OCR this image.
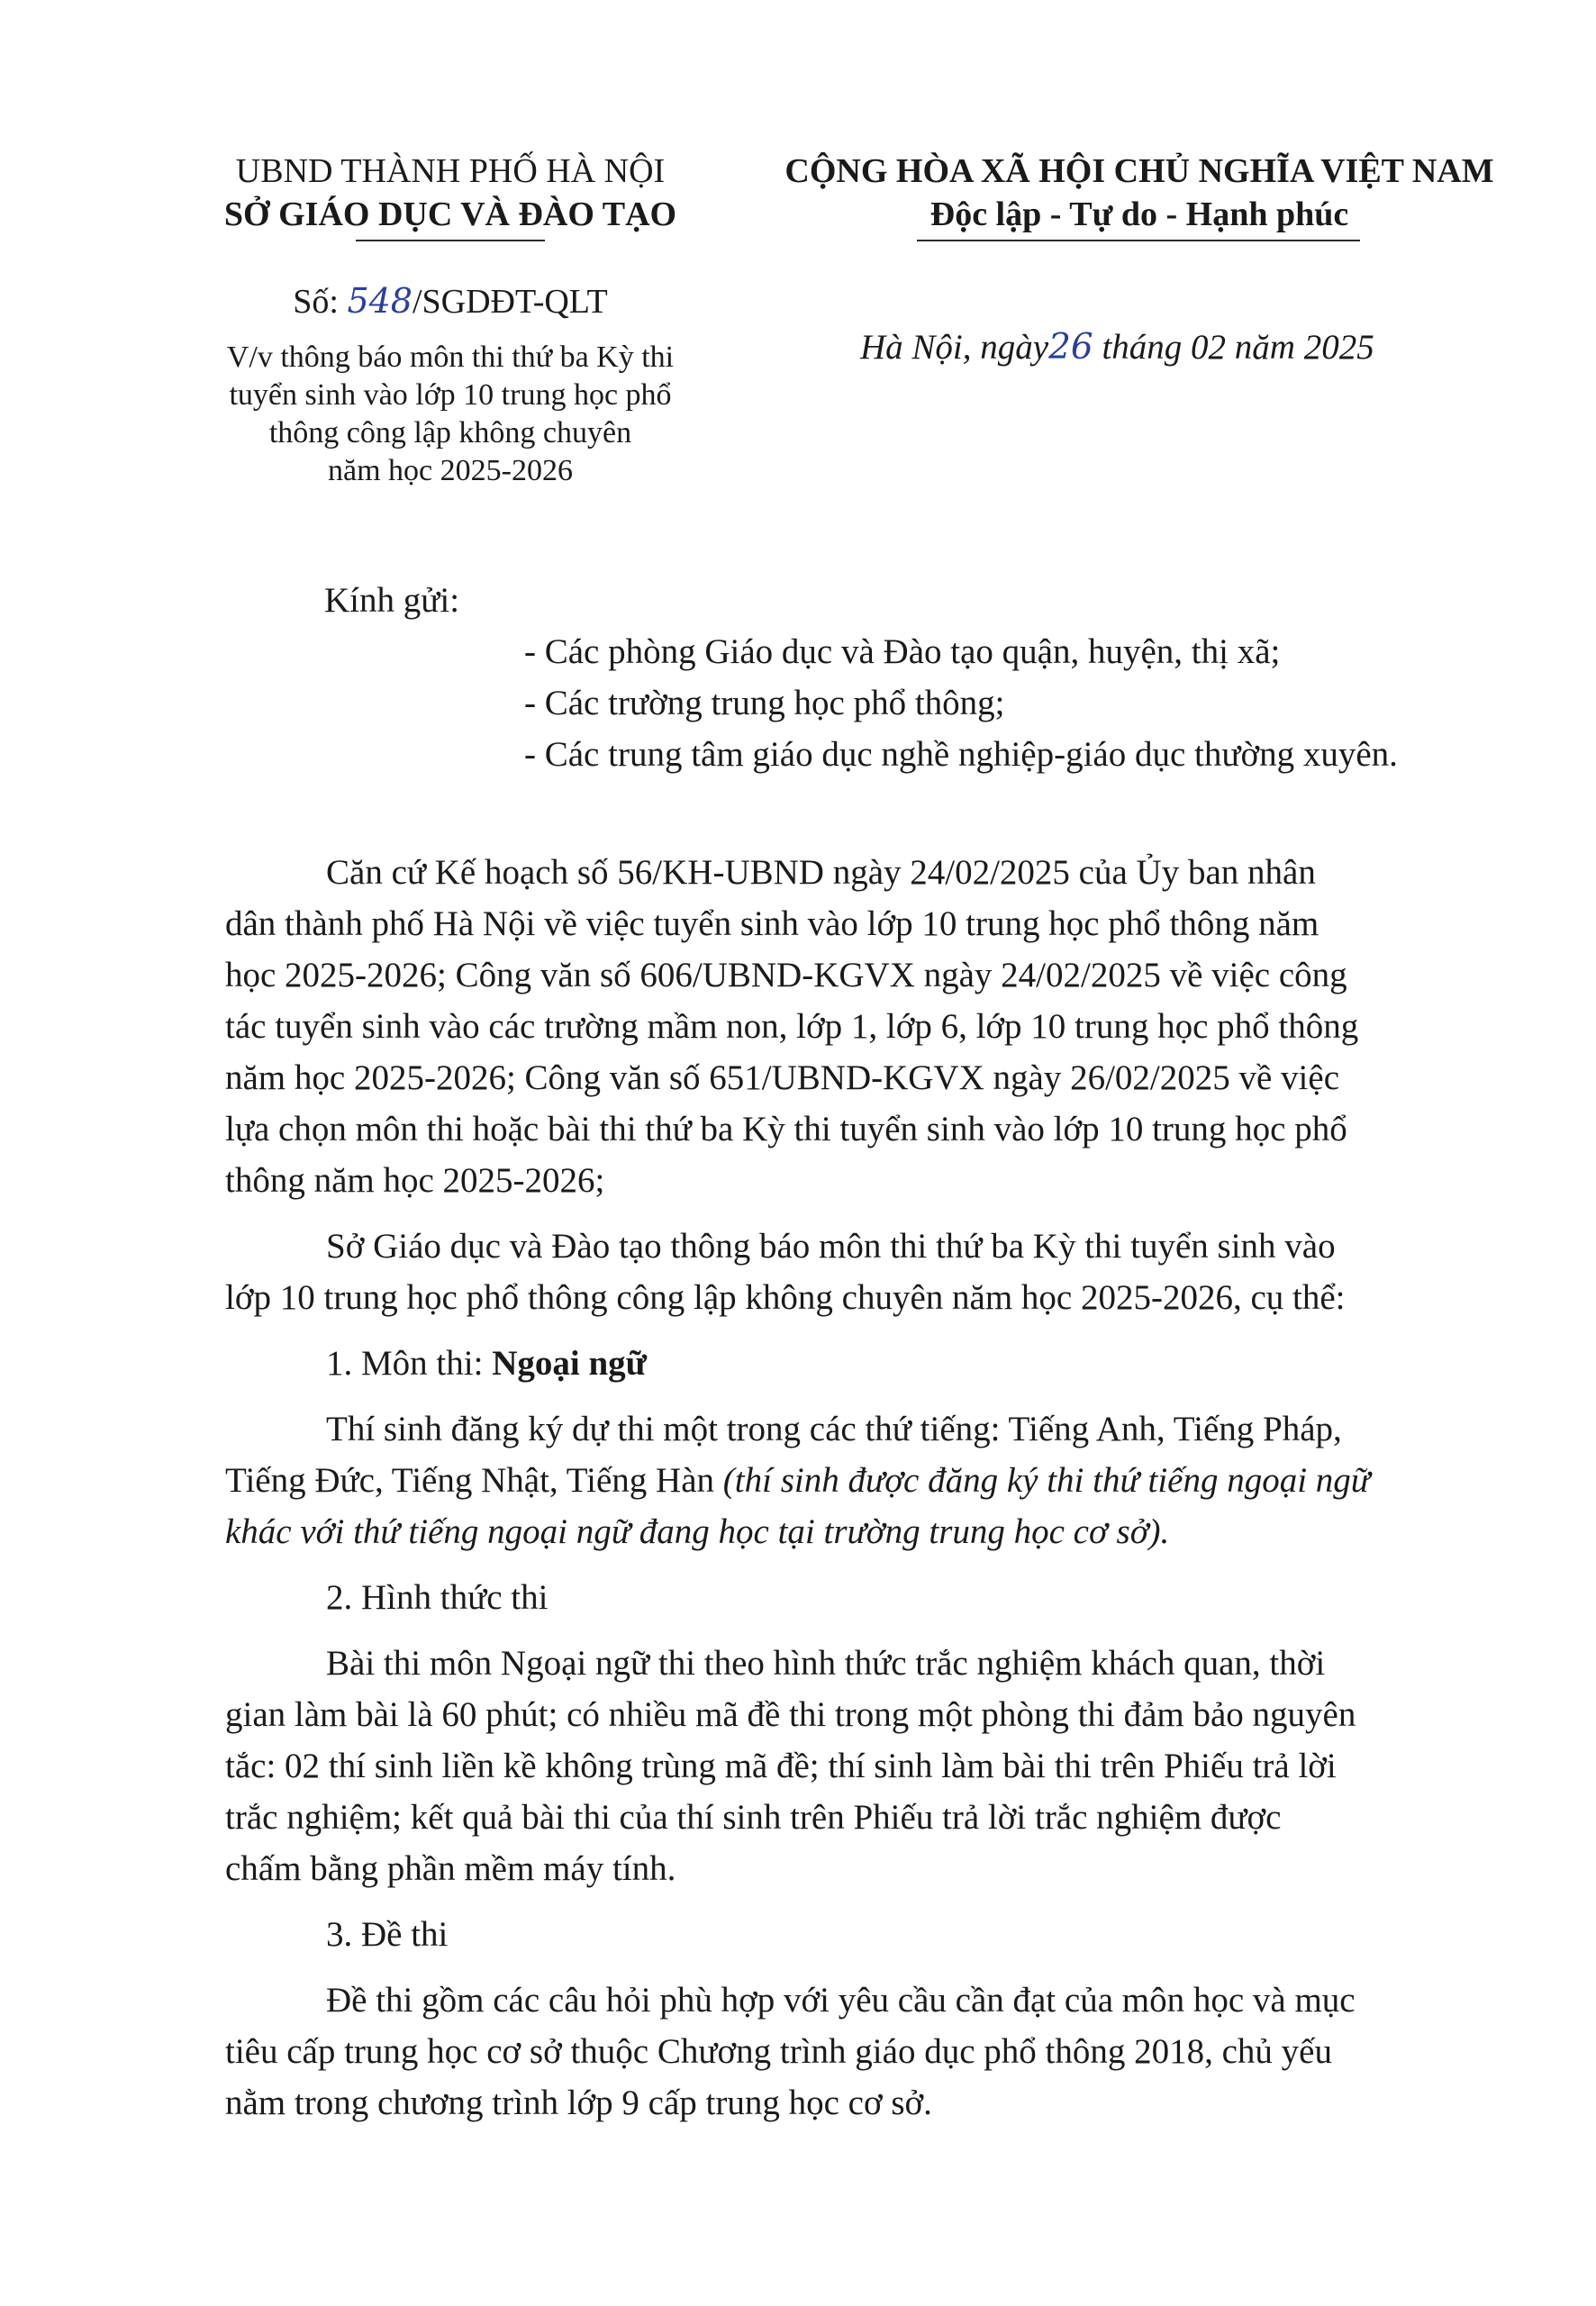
UBND THÀNH PHỐ HÀ NỘI
SỞ GIÁO DỤC VÀ ĐÀO TẠO
CỘNG HÒA XÃ HỘI CHỦ NGHĨA VIỆT NAM
Độc lập - Tự do - Hạnh phúc
Số: 548/SGDĐT-QLT
V/v thông báo môn thi thứ ba Kỳ thi
tuyển sinh vào lớp 10 trung học phổ
thông công lập không chuyên
năm học 2025-2026
Hà Nội, ngày26 tháng 02 năm 2025
Kính gửi:
- Các phòng Giáo dục và Đào tạo quận, huyện, thị xã;
- Các trường trung học phổ thông;
- Các trung tâm giáo dục nghề nghiệp-giáo dục thường xuyên.
Căn cứ Kế hoạch số 56/KH-UBND ngày 24/02/2025 của Ủy ban nhân
dân thành phố Hà Nội về việc tuyển sinh vào lớp 10 trung học phổ thông năm
học 2025-2026; Công văn số 606/UBND-KGVX ngày 24/02/2025 về việc công
tác tuyển sinh vào các trường mầm non, lớp 1, lớp 6, lớp 10 trung học phổ thông
năm học 2025-2026; Công văn số 651/UBND-KGVX ngày 26/02/2025 về việc
lựa chọn môn thi hoặc bài thi thứ ba Kỳ thi tuyển sinh vào lớp 10 trung học phổ
thông năm học 2025-2026;
Sở Giáo dục và Đào tạo thông báo môn thi thứ ba Kỳ thi tuyển sinh vào
lớp 10 trung học phổ thông công lập không chuyên năm học 2025-2026, cụ thể:
1. Môn thi: Ngoại ngữ
Thí sinh đăng ký dự thi một trong các thứ tiếng: Tiếng Anh, Tiếng Pháp,
Tiếng Đức, Tiếng Nhật, Tiếng Hàn (thí sinh được đăng ký thi thứ tiếng ngoại ngữ
khác với thứ tiếng ngoại ngữ đang học tại trường trung học cơ sở).
2. Hình thức thi
Bài thi môn Ngoại ngữ thi theo hình thức trắc nghiệm khách quan, thời
gian làm bài là 60 phút; có nhiều mã đề thi trong một phòng thi đảm bảo nguyên
tắc: 02 thí sinh liền kề không trùng mã đề; thí sinh làm bài thi trên Phiếu trả lời
trắc nghiệm; kết quả bài thi của thí sinh trên Phiếu trả lời trắc nghiệm được
chấm bằng phần mềm máy tính.
3. Đề thi
Đề thi gồm các câu hỏi phù hợp với yêu cầu cần đạt của môn học và mục
tiêu cấp trung học cơ sở thuộc Chương trình giáo dục phổ thông 2018, chủ yếu
nằm trong chương trình lớp 9 cấp trung học cơ sở.
